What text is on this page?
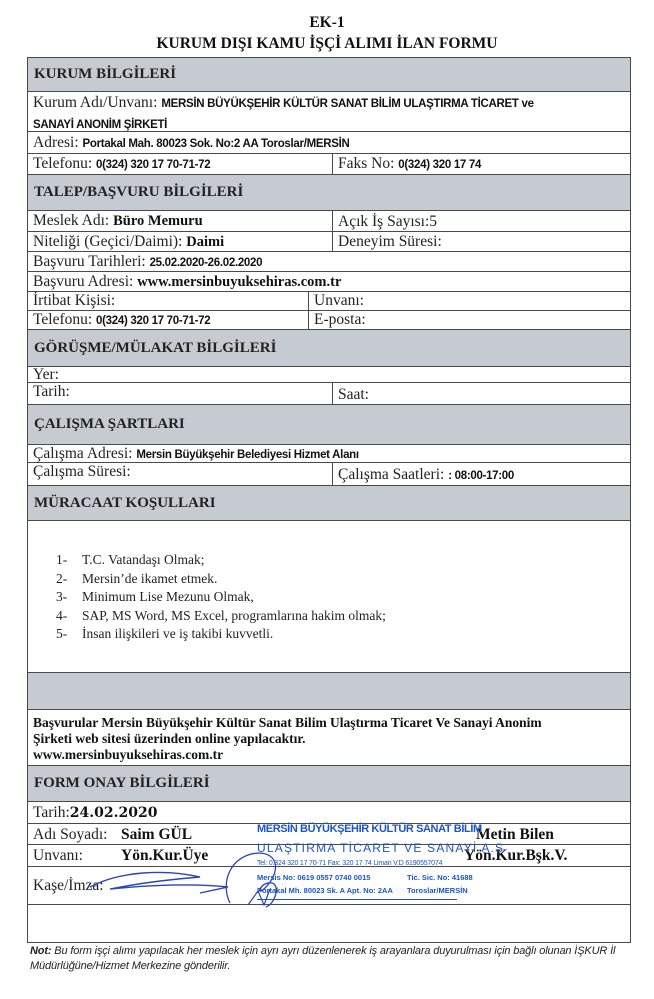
EK-1
KURUM DIŞI KAMU İŞÇİ ALIMI İLAN FORMU
KURUM BİLGİLERİ
Kurum Adı/Unvanı: MERSİN BÜYÜKŞEHİR KÜLTÜR SANAT BİLİM ULAŞTIRMA TİCARET ve
SANAYİ ANONİM ŞİRKETİ
Adresi: Portakal Mah. 80023 Sok. No:2 AA Toroslar/MERSİN
Telefonu: 0(324) 320 17 70-71-72	Faks No: 0(324) 320 17 74
TALEP/BAŞVURU BİLGİLERİ
Meslek Adı: Büro Memuru	Açık İş Sayısı:5
Niteliği (Geçici/Daimi): Daimi	Deneyim Süresi:
Başvuru Tarihleri: 25.02.2020-26.02.2020
Başvuru Adresi: www.mersinbuyuksehiras.com.tr
İrtibat Kişisi:	Unvanı:
Telefonu: 0(324) 320 17 70-71-72	E-posta:
GÖRÜŞME/MÜLAKAT BİLGİLERİ
Yer:
Tarih:	Saat:
ÇALIŞMA ŞARTLARI
Çalışma Adresi: Mersin Büyükşehir Belediyesi Hizmet Alanı
Çalışma Süresi:	Çalışma Saatleri: : 08:00-17:00
MÜRACAAT KOŞULLARI
1- T.C. Vatandaşı Olmak;
2- Mersin’de ikamet etmek.
3- Minimum Lise Mezunu Olmak,
4- SAP, MS Word, MS Excel, programlarına hakim olmak;
5- İnsan ilişkileri ve iş takibi kuvvetli.
Başvurular Mersin Büyükşehir Kültür Sanat Bilim Ulaştırma Ticaret Ve Sanayi Anonim
Şirketi web sitesi üzerinden online yapılacaktır.
www.mersinbuyuksehiras.com.tr
FORM ONAY BİLGİLERİ
Tarih:24.02.2020
Adı Soyadı: Saim GÜL	Metin Bilen
Unvanı:	Yön.Kur.Üye	Yön.Kur.Bşk.V.
Kaşe/İmza:
MERSİN BÜYÜKŞEHİR KÜLTÜR SANAT BİLİM
ULAŞTIRMA TİCARET VE SANAYİ A.Ş
Tel: 0.324 320 17 70-71 Fax: 320 17 74 Liman V.D 6190557074
Mersis No: 0619 0557 0740 0015
Portakal Mh. 80023 Sk. A Apt. No: 2AA
Tic. Sic. No: 41688
Toroslar/MERSİN
Not: Bu form işçi alımı yapılacak her meslek için ayrı ayrı düzenlenerek iş arayanlara duyurulması için bağlı olunan İŞKUR İl Müdürlüğüne/Hizmet Merkezine gönderilir.
